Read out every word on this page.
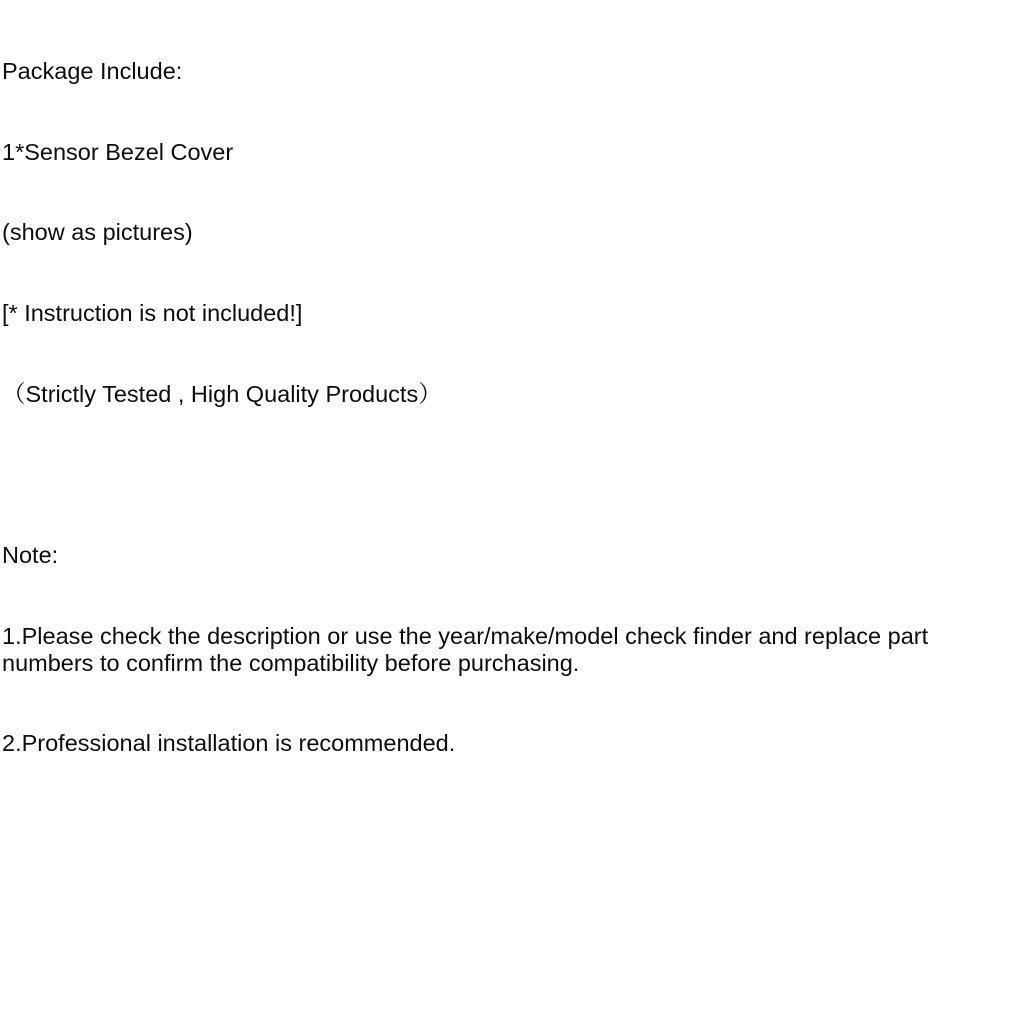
Package Include:

1*Sensor Bezel Cover

(show as pictures)

[* Instruction is not included!]

（Strictly Tested , High Quality Products）

Note:

1.Please check the description or use the year/make/model check finder and replace part numbers to confirm the compatibility before purchasing.

2.Professional installation is recommended.
